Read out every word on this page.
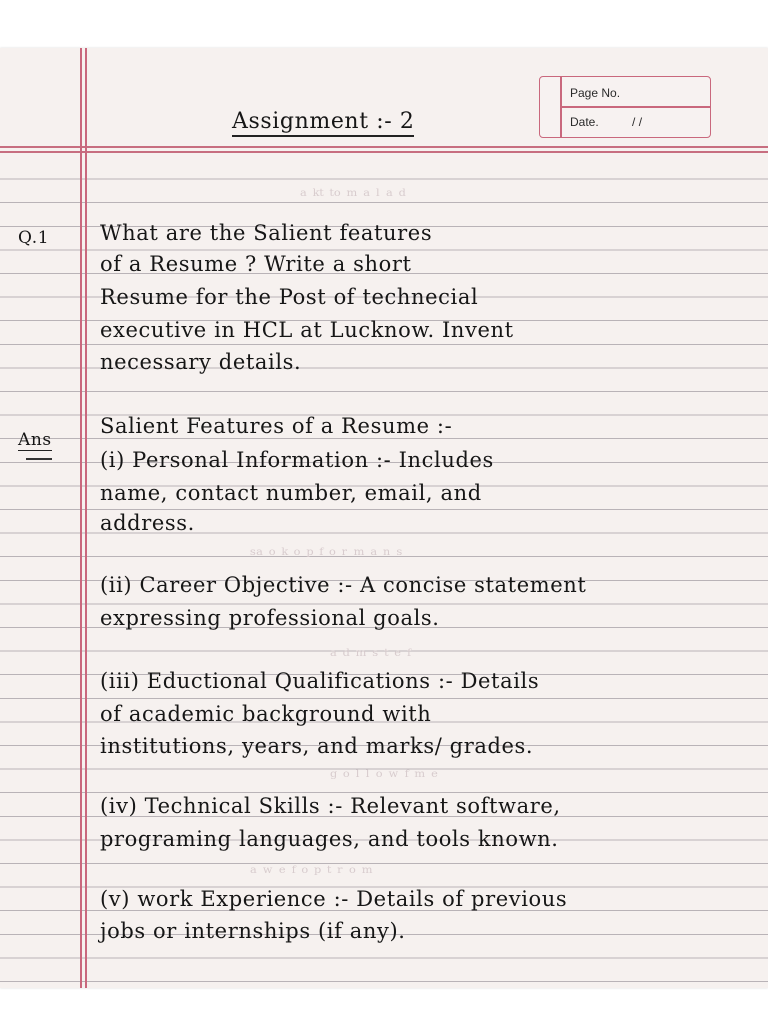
Page No.
Date.	/ /
ᵃ ᵏᵗ ᵗᵒ ᵐ ᵃ ˡ ᵃ ᵈ
ˢᵃ ᵒ ᵏ ᵒ ᵖ ᶠ ᵒ ʳ ᵐ ᵃ ⁿ ˢ
ᵃ ᵈ ᵐ ˢ ᵗ ᵉ ᶠ
ᵍ ᵒ ˡ ˡ ᵒ ʷ ᶠ ᵐ ᵉ
ᵃ ʷ ᵉ ᶠ ᵒ ᵖ ᵗ ʳ ᵒ ᵐ
Assignment :- 2
Q.1 What are the Salient features
of a Resume ? Write a short
Resume for the Post of technecial
executive in HCL at Lucknow. Invent
necessary details.
Ans
Salient Features of a Resume :-
(i) Personal Information :- Includes
name, contact number, email, and
address.
(ii) Career Objective :- A concise statement
expressing professional goals.
(iii) Eductional Qualifications :- Details
of academic background with
institutions, years, and marks/ grades.
(iv) Technical Skills :- Relevant software,
programing languages, and tools known.
(v) work Experience :- Details of previous
jobs or internships (if any).
